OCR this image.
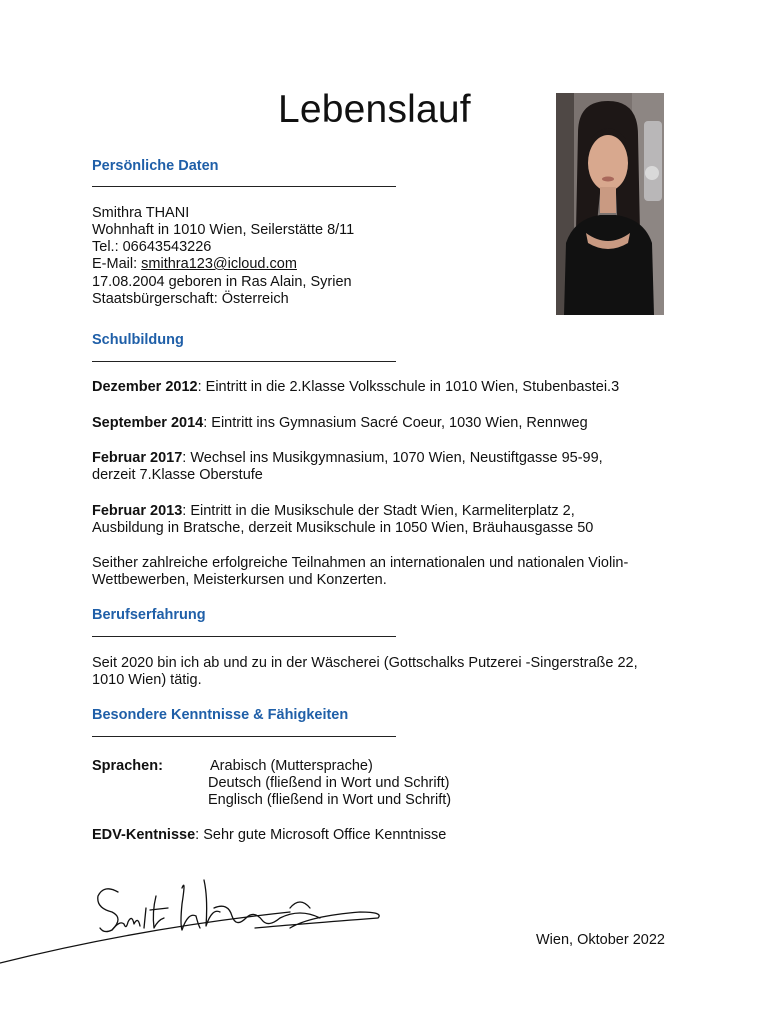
Lebenslauf
Persönliche Daten
Smithra THANI
Wohnhaft in 1010 Wien, Seilerstätte 8/11
Tel.: 06643543226
E-Mail: smithra123@icloud.com
17.08.2004 geboren in Ras Alain, Syrien
Staatsbürgerschaft: Österreich
Schulbildung
Dezember 2012: Eintritt in die 2.Klasse Volksschule in 1010 Wien, Stubenbastei.3
September 2014: Eintritt ins Gymnasium Sacré Coeur, 1030 Wien, Rennweg
Februar 2017: Wechsel ins Musikgymnasium, 1070 Wien, Neustiftgasse 95-99,
derzeit 7.Klasse Oberstufe
Februar 2013: Eintritt in die Musikschule der Stadt Wien, Karmeliterplatz 2,
Ausbildung in Bratsche, derzeit Musikschule in 1050 Wien, Bräuhausgasse 50
Seither zahlreiche erfolgreiche Teilnahmen an internationalen und nationalen Violin-
Wettbewerben, Meisterkursen und Konzerten.
Berufserfahrung
Seit 2020 bin ich ab und zu in der Wäscherei (Gottschalks Putzerei -Singerstraße 22,
1010 Wien) tätig.
Besondere Kenntnisse & Fähigkeiten
Sprachen:	Arabisch (Muttersprache)
Deutsch (fließend in Wort und Schrift)
Englisch (fließend in Wort und Schrift)
EDV-Kentnisse: Sehr gute Microsoft Office Kenntnisse
Wien, Oktober 2022
